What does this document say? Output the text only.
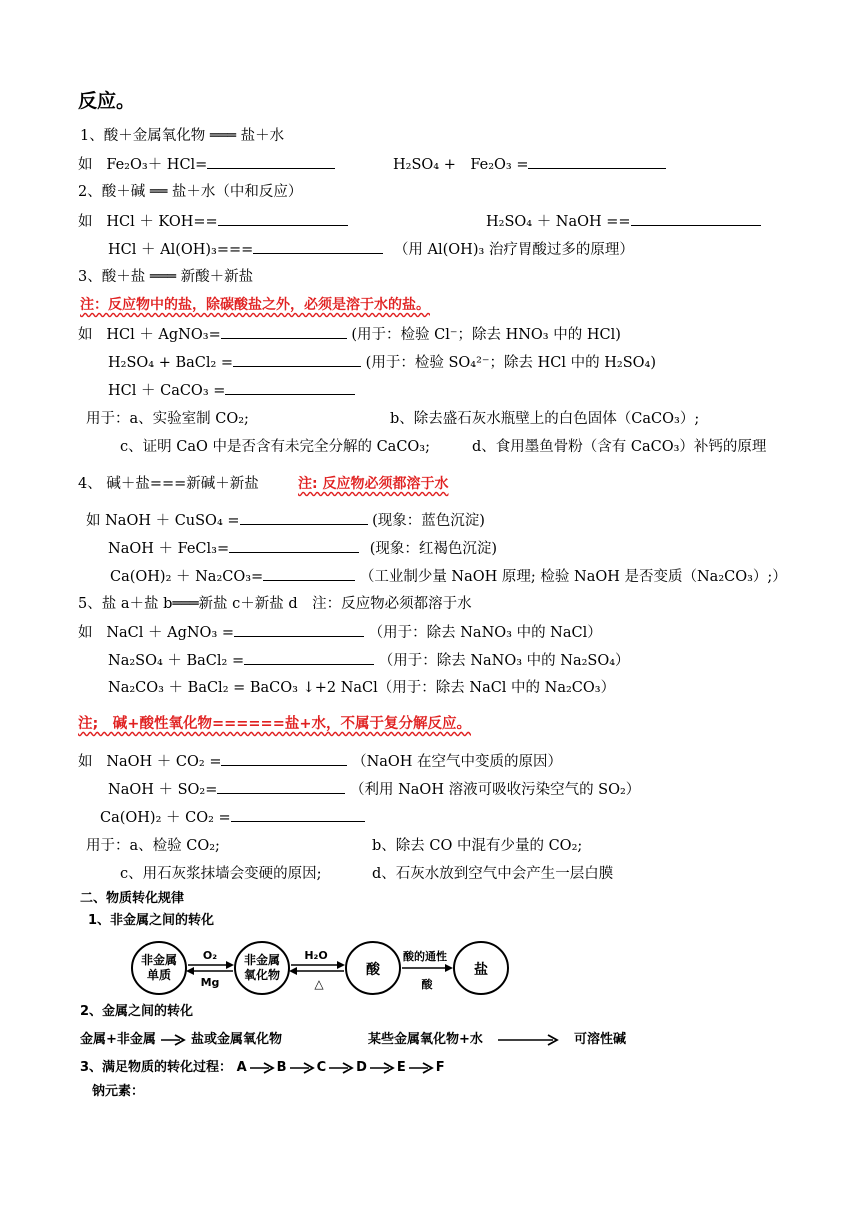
反应。
1、酸＋金属氧化物 ═══ 盐＋水
如 Fe₂O₃＋ HCl=	H₂SO₄ +　Fe₂O₃ =
2、酸＋碱 ══ 盐＋水（中和反应）
如 HCl ＋ KOH==	H₂SO₄ ＋ NaOH ==
HCl ＋ Al(OH)₃===	（用 Al(OH)₃ 治疗胃酸过多的原理）
3、酸＋盐 ═══ 新酸＋新盐
注：反应物中的盐，除碳酸盐之外，必须是溶于水的盐。
如 HCl ＋ AgNO₃=	(用于：检验 Cl⁻；除去 HNO₃ 中的 HCl)
H₂SO₄ + BaCl₂ =	(用于：检验 SO₄²⁻；除去 HCl 中的 H₂SO₄)
HCl ＋ CaCO₃ =
用于：a、实验室制 CO₂;	b、除去盛石灰水瓶壁上的白色固体（CaCO₃）;
c、证明 CaO 中是否含有未完全分解的 CaCO₃;	d、食用墨鱼骨粉（含有 CaCO₃）补钙的原理
4、 碱＋盐===新碱＋新盐	注: 反应物必须都溶于水
如 NaOH ＋ CuSO₄ =	(现象：蓝色沉淀)
NaOH ＋ FeCl₃=	(现象：红褐色沉淀)
Ca(OH)₂ ＋ Na₂CO₃=	（工业制少量 NaOH 原理; 检验 NaOH 是否变质（Na₂CO₃）;）
5、盐 a＋盐 b═══新盐 c＋新盐 d　注：反应物必须都溶于水
如 NaCl ＋ AgNO₃ =	（用于：除去 NaNO₃ 中的 NaCl）
Na₂SO₄ ＋ BaCl₂ =	（用于：除去 NaNO₃ 中的 Na₂SO₄）
Na₂CO₃ ＋ BaCl₂ = BaCO₃ ↓+2 NaCl（用于：除去 NaCl 中的 Na₂CO₃）
注;　碱+酸性氧化物======盐+水，不属于复分解反应。
如 NaOH ＋ CO₂ =	（NaOH 在空气中变质的原因）
NaOH ＋ SO₂=	（利用 NaOH 溶液可吸收污染空气的 SO₂）
Ca(OH)₂ ＋ CO₂ =
用于：a、检验 CO₂;	b、除去 CO 中混有少量的 CO₂;
c、用石灰浆抹墙会变硬的原因;	d、石灰水放到空气中会产生一层白膜
二、物质转化规律
1、非金属之间的转化
非金属
单质
非金属
氧化物	酸	盐
O₂
Mg
H₂O
△
酸的通性
酸
2、金属之间的转化
金属+非金属	盐或金属氧化物	某些金属氧化物+水	可溶性碱
3、满足物质的转化过程： A B C D E F
钠元素：
